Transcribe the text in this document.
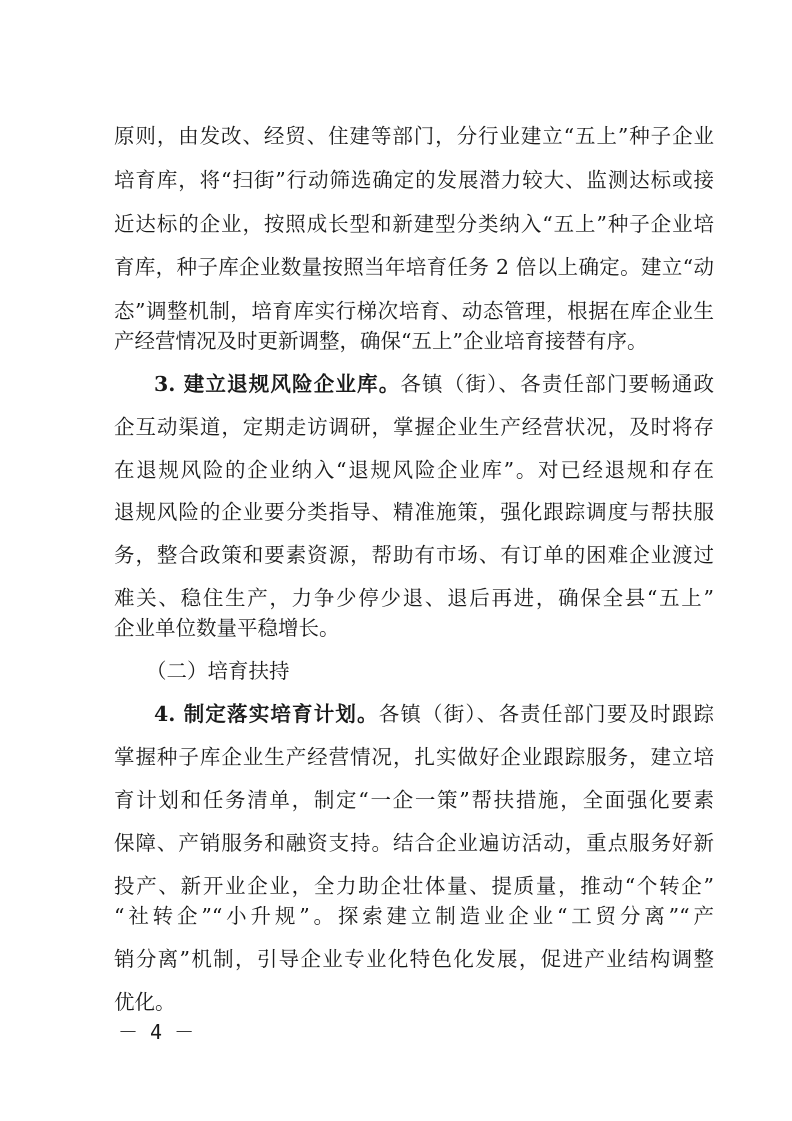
原则，由发改、经贸、住建等部门，分行业建立“五上”种子企业
培育库，将“扫街”行动筛选确定的发展潜力较大、监测达标或接
近达标的企业，按照成长型和新建型分类纳入“五上”种子企业培
育库，种子库企业数量按照当年培育任务 2 倍以上确定。建立“动
态”调整机制，培育库实行梯次培育、动态管理，根据在库企业生
产经营情况及时更新调整，确保“五上”企业培育接替有序。
3. 建立退规风险企业库。各镇（街）、各责任部门要畅通政
企互动渠道，定期走访调研，掌握企业生产经营状况，及时将存
在退规风险的企业纳入“退规风险企业库”。对已经退规和存在
退规风险的企业要分类指导、精准施策，强化跟踪调度与帮扶服
务，整合政策和要素资源，帮助有市场、有订单的困难企业渡过
难关、稳住生产，力争少停少退、退后再进，确保全县“五上”
企业单位数量平稳增长。
（二）培育扶持
4. 制定落实培育计划。各镇（街）、各责任部门要及时跟踪
掌握种子库企业生产经营情况，扎实做好企业跟踪服务，建立培
育计划和任务清单，制定“一企一策”帮扶措施，全面强化要素
保障、产销服务和融资支持。结合企业遍访活动，重点服务好新
投产、新开业企业，全力助企壮体量、提质量，推动“个转企”
“社转企”“小升规”。探索建立制造业企业“工贸分离”“产
销分离”机制，引导企业专业化特色化发展，促进产业结构调整
优化。
－ 4 －
